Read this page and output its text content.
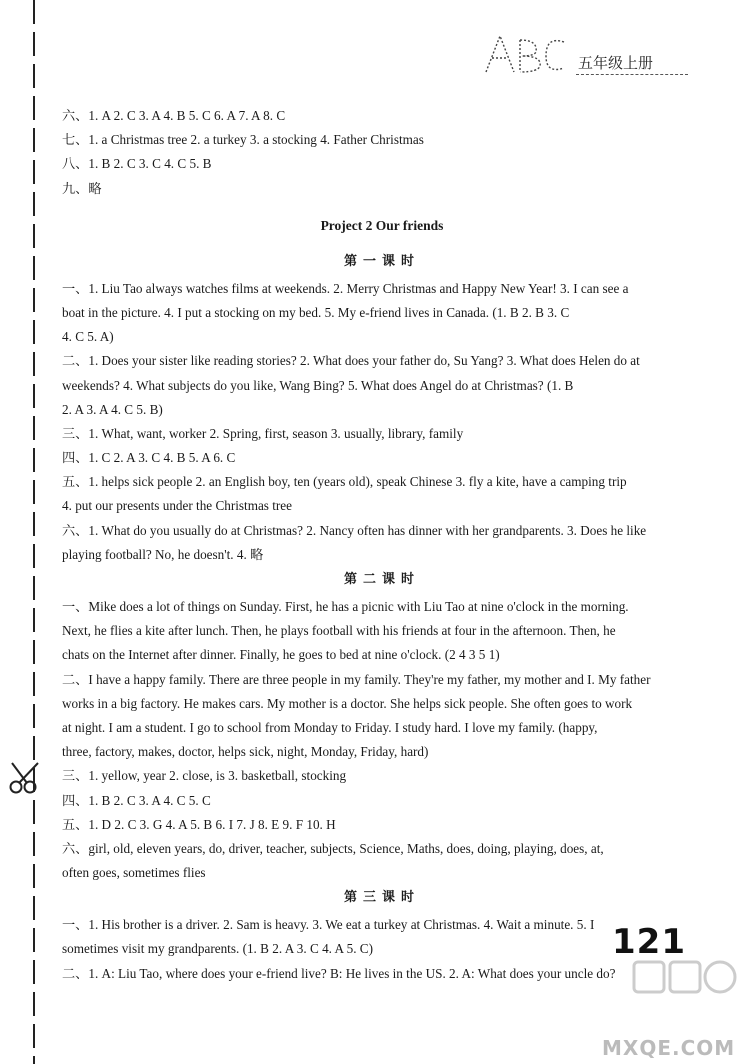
五年级上册
六、1. A 2. C 3. A 4. B 5. C 6. A 7. A 8. C
七、1. a Christmas tree 2. a turkey 3. a stocking 4. Father Christmas
八、1. B 2. C 3. C 4. C 5. B
九、略
Project 2 Our friends
第一课时
一、1. Liu Tao always watches films at weekends. 2. Merry Christmas and Happy New Year! 3. I can see a
boat in the picture. 4. I put a stocking on my bed. 5. My e-friend lives in Canada. (1. B 2. B 3. C
4. C 5. A)
二、1. Does your sister like reading stories? 2. What does your father do, Su Yang? 3. What does Helen do at
weekends? 4. What subjects do you like, Wang Bing? 5. What does Angel do at Christmas? (1. B
2. A 3. A 4. C 5. B)
三、1. What, want, worker 2. Spring, first, season 3. usually, library, family
四、1. C 2. A 3. C 4. B 5. A 6. C
五、1. helps sick people 2. an English boy, ten (years old), speak Chinese 3. fly a kite, have a camping trip
4. put our presents under the Christmas tree
六、1. What do you usually do at Christmas? 2. Nancy often has dinner with her grandparents. 3. Does he like
playing football? No, he doesn't. 4. 略
第二课时
一、Mike does a lot of things on Sunday. First, he has a picnic with Liu Tao at nine o'clock in the morning.
Next, he flies a kite after lunch. Then, he plays football with his friends at four in the afternoon. Then, he
chats on the Internet after dinner. Finally, he goes to bed at nine o'clock. (2 4 3 5 1)
二、I have a happy family. There are three people in my family. They're my father, my mother and I. My father
works in a big factory. He makes cars. My mother is a doctor. She helps sick people. She often goes to work
at night. I am a student. I go to school from Monday to Friday. I study hard. I love my family. (happy,
three, factory, makes, doctor, helps sick, night, Monday, Friday, hard)
三、1. yellow, year 2. close, is 3. basketball, stocking
四、1. B 2. C 3. A 4. C 5. C
五、1. D 2. C 3. G 4. A 5. B 6. I 7. J 8. E 9. F 10. H
六、girl, old, eleven years, do, driver, teacher, subjects, Science, Maths, does, doing, playing, does, at,
often goes, sometimes flies
第三课时
一、1. His brother is a driver. 2. Sam is heavy. 3. We eat a turkey at Christmas. 4. Wait a minute. 5. I
sometimes visit my grandparents. (1. B 2. A 3. C 4. A 5. C)
二、1. A: Liu Tao, where does your e-friend live? B: He lives in the US. 2. A: What does your uncle do?
121
MXQE.COM
